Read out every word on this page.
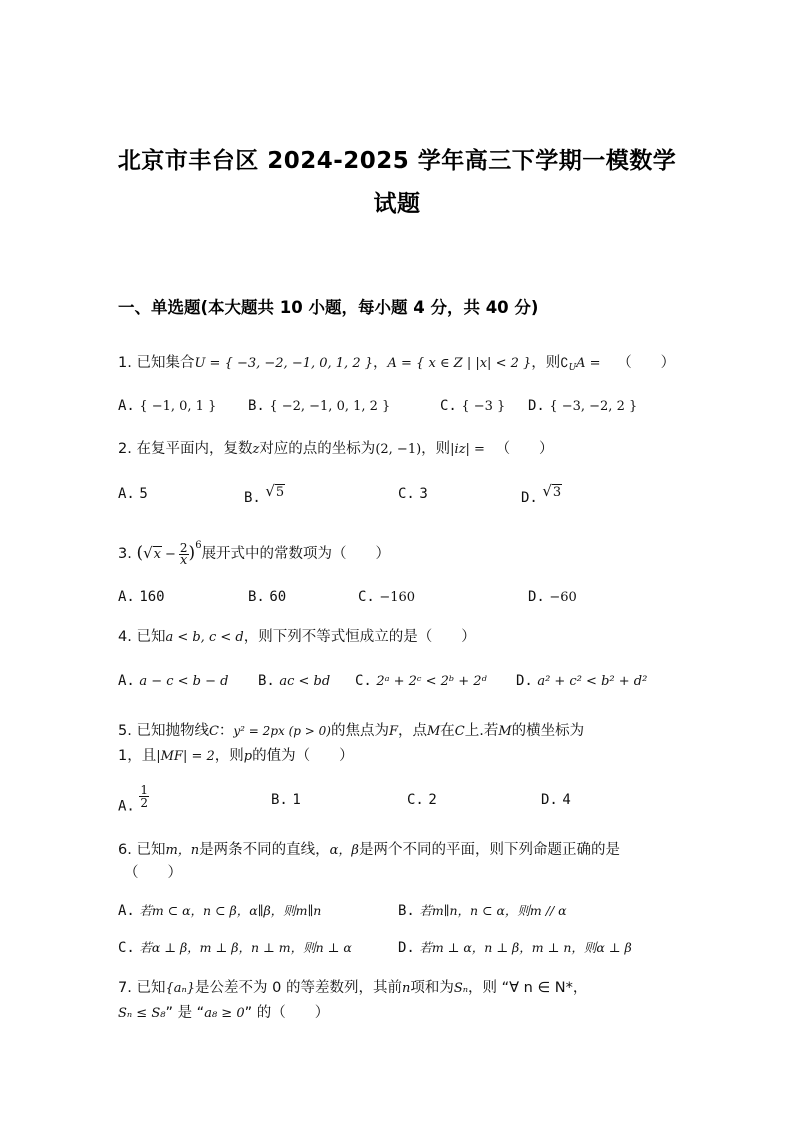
北京市丰台区 2024-2025 学年高三下学期一模数学
试题
一、单选题(本大题共 10 小题，每小题 4 分，共 40 分)
1. 已知集合U = { −3, −2, −1, 0, 1, 2 }，A = { x ∈ Z | |x| < 2 }，则$∁_UA$ = （　　）
A. { −1, 0, 1 } B. { −2, −1, 0, 1, 2 }	C. { −3 } D. { −3, −2, 2 }
2. 在复平面内，复数z对应的点的坐标为(2, −1)，则|iz| = （　　）
A. 5	B. √5	C. 3	D. √3
3. $(√x - \frac{2}{x} )^6$展开式中的常数项为（　　）
A. 160	B. 60	C. −160	D. −60
4. 已知a < b, c < d，则下列不等式恒成立的是（　　）
A. a − c < b − d B. ac < bd C. 2ᵃ + 2ᶜ < 2ᵇ + 2ᵈ D. a² + c² < b² + d²
5. 已知抛物线C：y² = 2px (p > 0)的焦点为F，点M在C上.若M的横坐标为
1，且|MF| = 2，则p的值为（　　）
A. $\frac{1}{2}$	B. 1	C. 2	D. 4
6. 已知m，n是两条不同的直线，α，β是两个不同的平面，则下列命题正确的是
（　　）
A. 若m ⊂ α，n ⊂ β，α∥β，则m∥n	B. 若m∥n，n ⊂ α，则m // α
C. 若α ⊥ β，m ⊥ β，n ⊥ m，则n ⊥ α	D. 若m ⊥ α，n ⊥ β，m ⊥ n，则α ⊥ β
7. 已知{aₙ}是公差不为 0 的等差数列，其前n项和为Sₙ，则 “∀ n ∈ N*，
Sₙ ≤ S₈” 是 “a₈ ≥ 0” 的（　　）
